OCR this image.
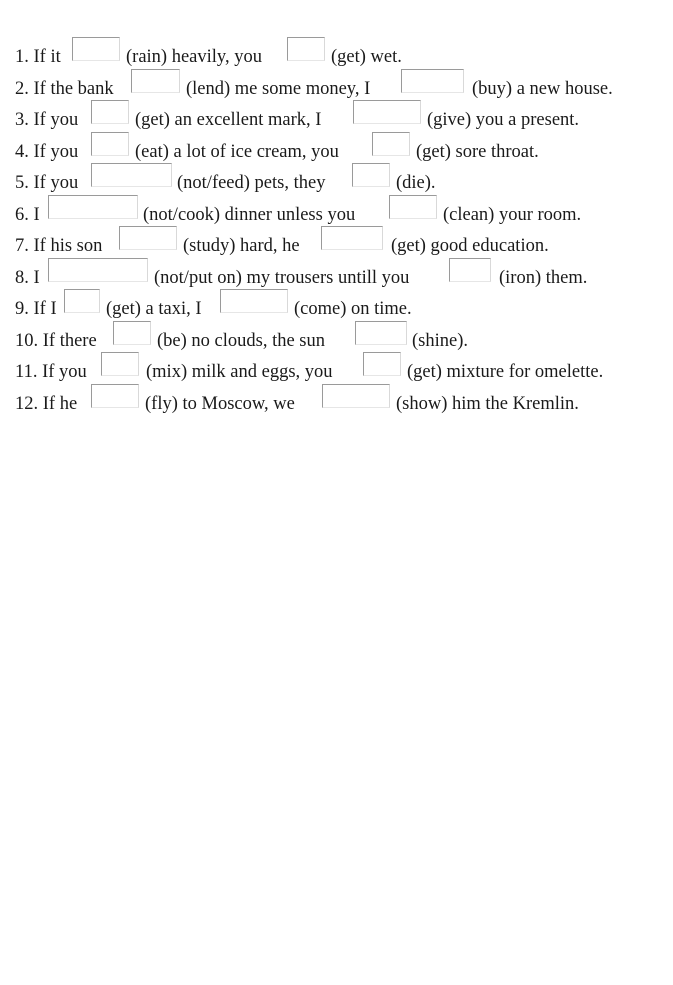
1. If it	(rain) heavily, you	(get) wet.
2. If the bank	(lend) me some money, I	(buy) a new house.
3. If you	(get) an excellent mark, I	(give) you a present.
4. If you	(eat) a lot of ice cream, you	(get) sore throat.
5. If you	(not/feed) pets, they	(die).
6. I	(not/cook) dinner unless you	(clean) your room.
7. If his son	(study) hard, he	(get) good education.
8. I	(not/put on) my trousers untill you	(iron) them.
9. If I	(get) a taxi, I	(come) on time.
10. If there	(be) no clouds, the sun	(shine).
11. If you	(mix) milk and eggs, you	(get) mixture for omelette.
12. If he	(fly) to Moscow, we	(show) him the Kremlin.
